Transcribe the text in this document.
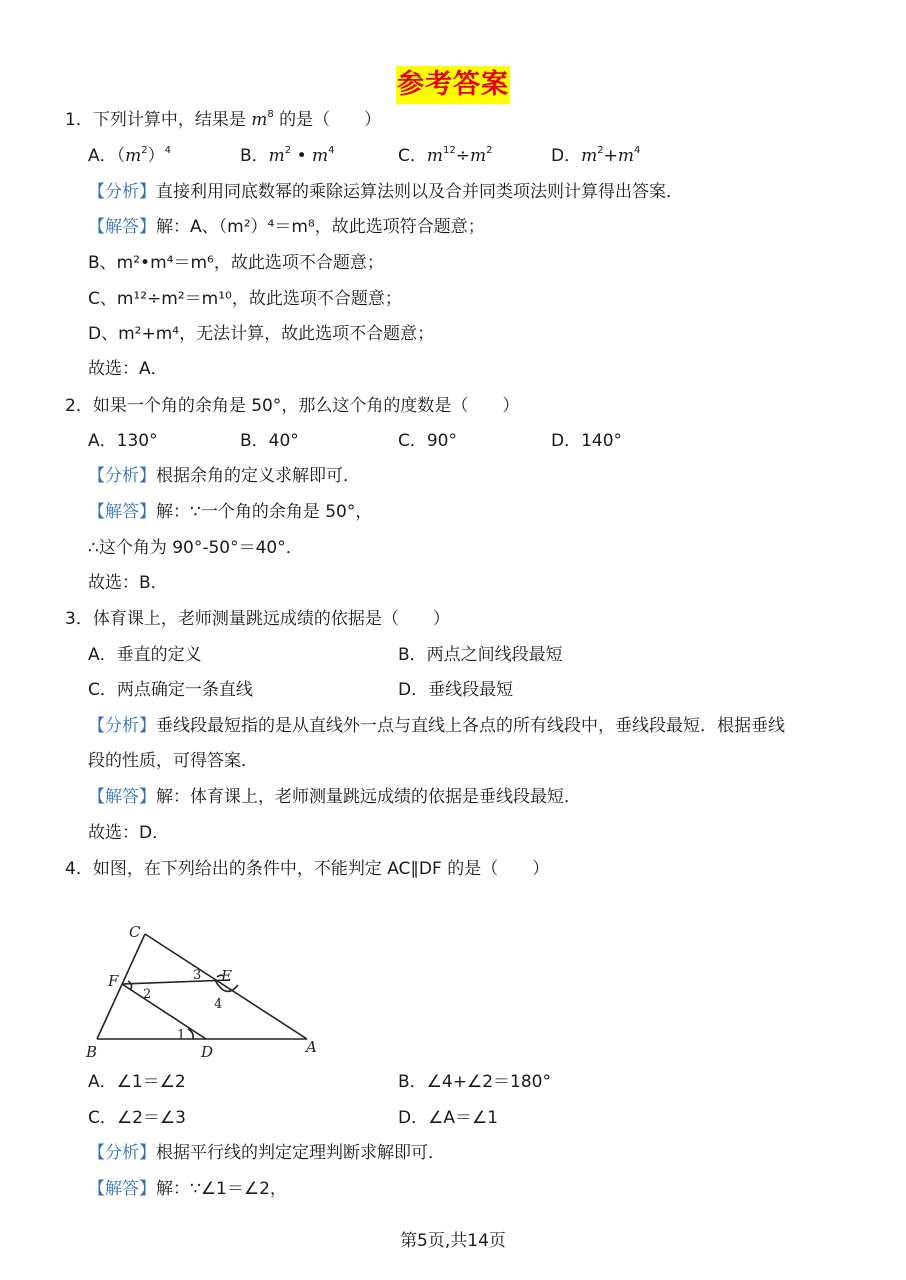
参考答案
1．下列计算中，结果是 $m^8$ 的是（　　）
A．$(m^2)^4$	B．$m^2$ • $m^4$	C．$m^{12}\div m^2$	D．$m^2+m^4$
【分析】直接利用同底数幂的乘除运算法则以及合并同类项法则计算得出答案．
【解答】解：A、（m²）⁴＝m⁸，故此选项符合题意；
B、m²•m⁴＝m⁶，故此选项不合题意；
C、m¹²÷m²＝m¹⁰，故此选项不合题意；
D、m²+m⁴，无法计算，故此选项不合题意；
故选：A．
2．如果一个角的余角是 50°，那么这个角的度数是（　　）
A．130°	B．40°	C．90°	D．140°
【分析】根据余角的定义求解即可．
【解答】解：∵一个角的余角是 50°，
∴这个角为 90°-50°＝40°．
故选：B．
3．体育课上，老师测量跳远成绩的依据是（　　）
A．垂直的定义	B．两点之间线段最短
C．两点确定一条直线	D．垂线段最短
【分析】垂线段最短指的是从直线外一点与直线上各点的所有线段中，垂线段最短．根据垂线
段的性质，可得答案．
【解答】解：体育课上，老师测量跳远成绩的依据是垂线段最短．
故选：D．
4．如图，在下列给出的条件中，不能判定 AC∥DF 的是（　　）
C
F	E
B	D	A
1
2
3
4
A．∠1＝∠2	B．∠4+∠2＝180°
C．∠2＝∠3	D．∠A＝∠1
【分析】根据平行线的判定定理判断求解即可．
【解答】解：∵∠1＝∠2，
第5页,共14页
